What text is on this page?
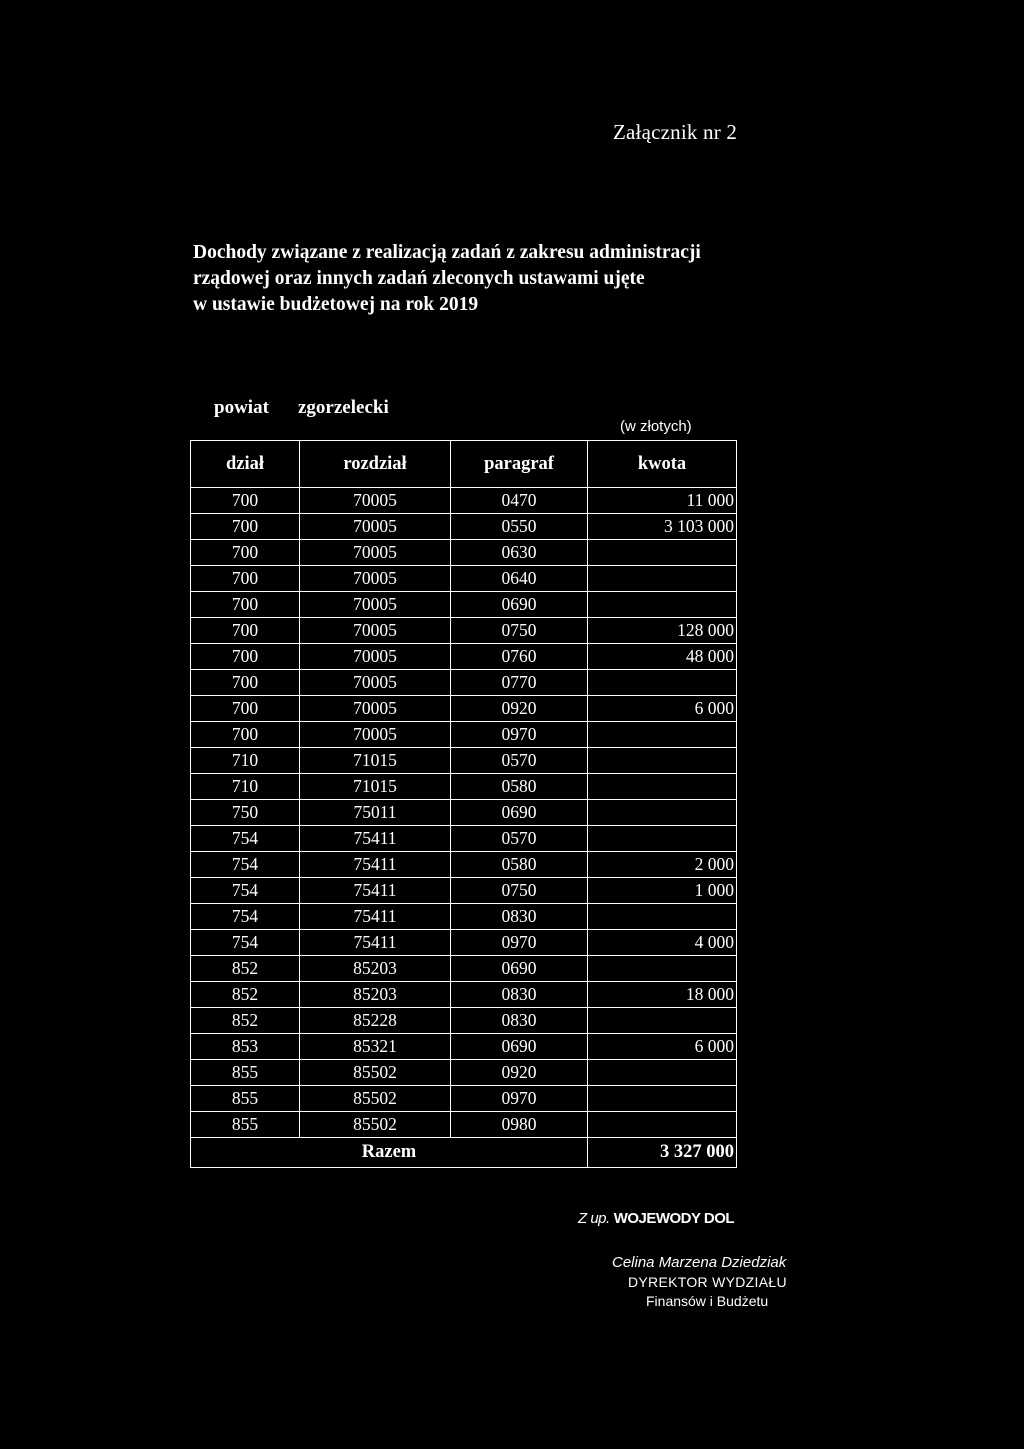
Załącznik nr 2
Dochody związane z realizacją zadań z zakresu administracji
rządowej oraz innych zadań zleconych ustawami ujęte
w ustawie budżetowej na rok 2019
powiat zgorzelecki
(w złotych)
dział	rozdział	paragraf	kwota
700	70005	0470	11 000
700	70005	0550	3 103 000
700	70005	0630	
700	70005	0640	
700	70005	0690	
700	70005	0750	128 000
700	70005	0760	48 000
700	70005	0770	
700	70005	0920	6 000
700	70005	0970	
710	71015	0570	
710	71015	0580	
750	75011	0690	
754	75411	0570	
754	75411	0580	2 000
754	75411	0750	1 000
754	75411	0830	
754	75411	0970	4 000
852	85203	0690	
852	85203	0830	18 000
852	85228	0830	
853	85321	0690	6 000
855	85502	0920	
855	85502	0970	
855	85502	0980	
Razem			3 327 000
Z up. WOJEWODY DOL
Celina Marzena Dziedziak
DYREKTOR WYDZIAŁU
Finansów i Budżetu
